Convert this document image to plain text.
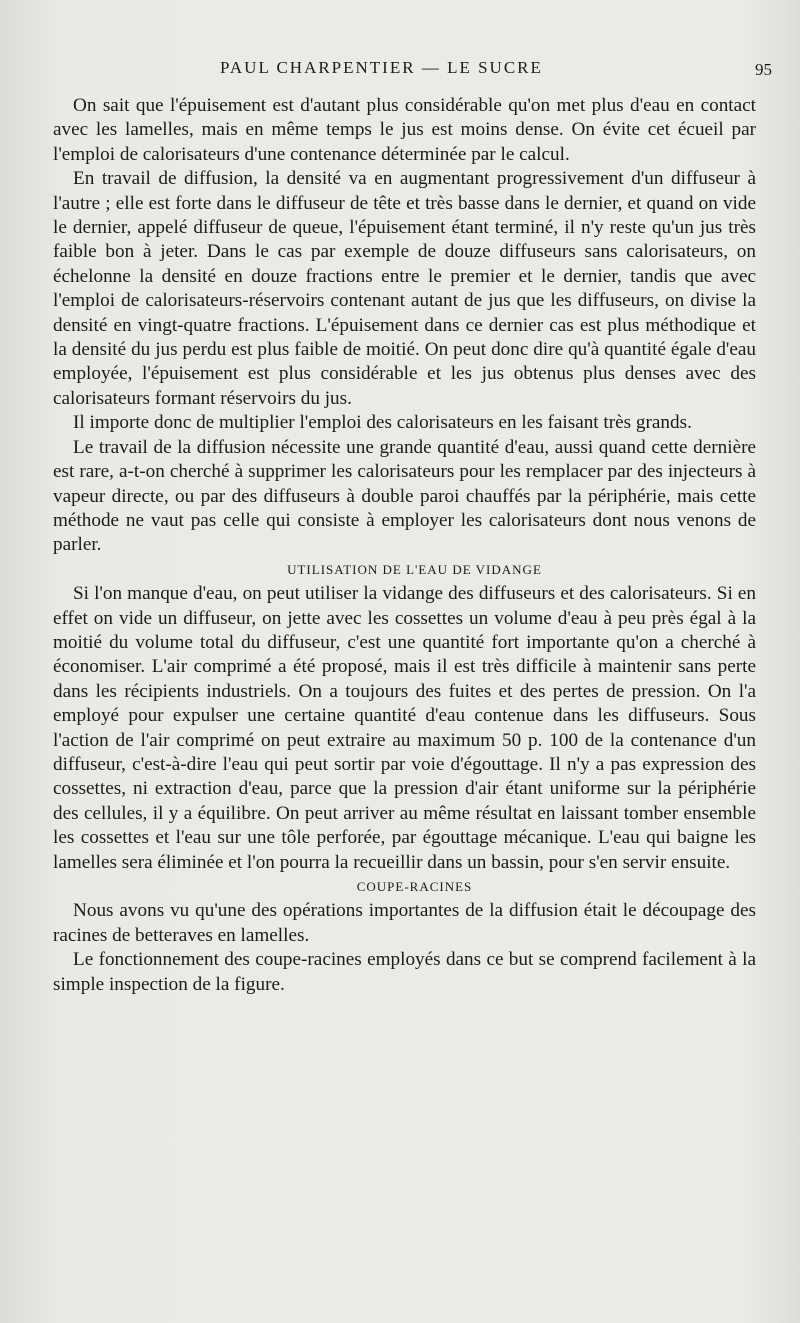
PAUL CHARPENTIER — LE SUCRE	95

On sait que l'épuisement est d'autant plus considérable qu'on met plus d'eau en contact avec les lamelles, mais en même temps le jus est moins dense. On évite cet écueil par l'emploi de calorisateurs d'une contenance déterminée par le calcul.

En travail de diffusion, la densité va en augmentant progressivement d'un diffuseur à l'autre ; elle est forte dans le diffuseur de tête et très basse dans le dernier, et quand on vide le dernier, appelé diffuseur de queue, l'épuisement étant terminé, il n'y reste qu'un jus très faible bon à jeter. Dans le cas par exemple de douze diffuseurs sans calorisateurs, on échelonne la densité en douze fractions entre le premier et le dernier, tandis que avec l'emploi de calorisateurs-réservoirs contenant autant de jus que les diffuseurs, on divise la densité en vingt-quatre fractions. L'épuisement dans ce dernier cas est plus méthodique et la densité du jus perdu est plus faible de moitié. On peut donc dire qu'à quantité égale d'eau employée, l'épuisement est plus considérable et les jus obtenus plus denses avec des calorisateurs formant réservoirs du jus.

Il importe donc de multiplier l'emploi des calorisateurs en les faisant très grands.

Le travail de la diffusion nécessite une grande quantité d'eau, aussi quand cette dernière est rare, a-t-on cherché à supprimer les calorisateurs pour les remplacer par des injecteurs à vapeur directe, ou par des diffuseurs à double paroi chauffés par la périphérie, mais cette méthode ne vaut pas celle qui consiste à employer les calorisateurs dont nous venons de parler.

UTILISATION DE L'EAU DE VIDANGE

Si l'on manque d'eau, on peut utiliser la vidange des diffuseurs et des calorisateurs. Si en effet on vide un diffuseur, on jette avec les cossettes un volume d'eau à peu près égal à la moitié du volume total du diffuseur, c'est une quantité fort importante qu'on a cherché à économiser. L'air comprimé a été proposé, mais il est très difficile à maintenir sans perte dans les récipients industriels. On a toujours des fuites et des pertes de pression. On l'a employé pour expulser une certaine quantité d'eau contenue dans les diffuseurs. Sous l'action de l'air comprimé on peut extraire au maximum 50 p. 100 de la contenance d'un diffuseur, c'est-à-dire l'eau qui peut sortir par voie d'égouttage. Il n'y a pas expression des cossettes, ni extraction d'eau, parce que la pression d'air étant uniforme sur la périphérie des cellules, il y a équilibre. On peut arriver au même résultat en laissant tomber ensemble les cossettes et l'eau sur une tôle perforée, par égouttage mécanique. L'eau qui baigne les lamelles sera éliminée et l'on pourra la recueillir dans un bassin, pour s'en servir ensuite.

COUPE-RACINES

Nous avons vu qu'une des opérations importantes de la diffusion était le découpage des racines de betteraves en lamelles.

Le fonctionnement des coupe-racines employés dans ce but se comprend facilement à la simple inspection de la figure.
